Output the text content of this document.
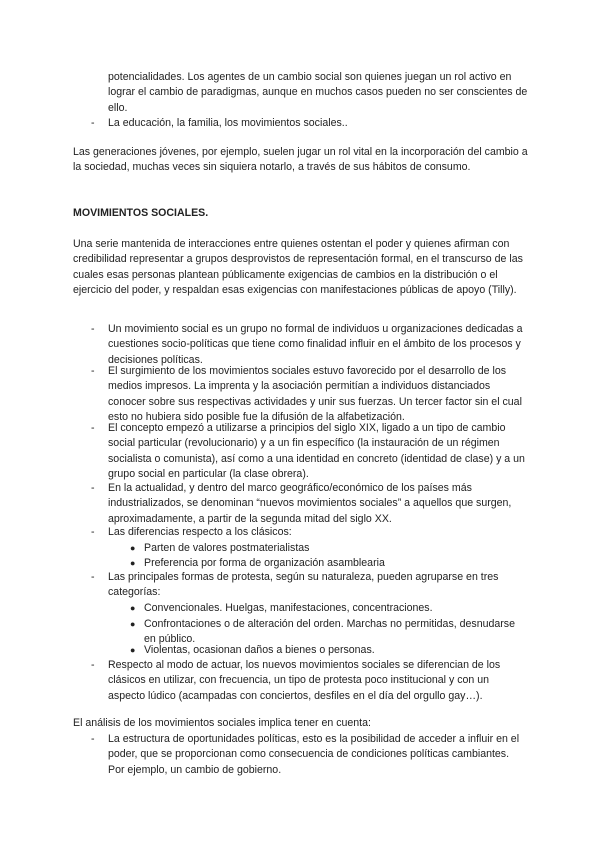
potencialidades. Los agentes de un cambio social son quienes juegan un rol activo en lograr el cambio de paradigmas, aunque en muchos casos pueden no ser conscientes de ello.

-	La educación, la familia, los movimientos sociales..

Las generaciones jóvenes, por ejemplo, suelen jugar un rol vital en la incorporación del cambio a la sociedad, muchas veces sin siquiera notarlo, a través de sus hábitos de consumo.

MOVIMIENTOS SOCIALES.

Una serie mantenida de interacciones entre quienes ostentan el poder y quienes afirman con credibilidad representar a grupos desprovistos de representación formal, en el transcurso de las cuales esas personas plantean públicamente exigencias de cambios en la distribución o el ejercicio del poder, y respaldan esas exigencias con manifestaciones públicas de apoyo (Tilly).

-	Un movimiento social es un grupo no formal de individuos u organizaciones dedicadas a cuestiones socio-políticas que tiene como finalidad influir en el ámbito de los procesos y decisiones políticas.

-	El surgimiento de los movimientos sociales estuvo favorecido por el desarrollo de los medios impresos. La imprenta y la asociación permitían a individuos distanciados conocer sobre sus respectivas actividades y unir sus fuerzas. Un tercer factor sin el cual esto no hubiera sido posible fue la difusión de la alfabetización.

-	El concepto empezó a utilizarse a principios del siglo XIX, ligado a un tipo de cambio social particular (revolucionario) y a un fin específico (la instauración de un régimen socialista o comunista), así como a una identidad en concreto (identidad de clase) y a un grupo social en particular (la clase obrera).

-	En la actualidad, y dentro del marco geográfico/económico de los países más industrializados, se denominan “nuevos movimientos sociales” a aquellos que surgen, aproximadamente, a partir de la segunda mitad del siglo XX.

-	Las diferencias respecto a los clásicos:

● Parten de valores postmaterialistas

● Preferencia por forma de organización asamblearia

-	Las principales formas de protesta, según su naturaleza, pueden agruparse en tres categorías:

● Convencionales. Huelgas, manifestaciones, concentraciones.

● Confrontaciones o de alteración del orden. Marchas no permitidas, desnudarse en público.

● Violentas, ocasionan daños a bienes o personas.

-	Respecto al modo de actuar, los nuevos movimientos sociales se diferencian de los clásicos en utilizar, con frecuencia, un tipo de protesta poco institucional y con un aspecto lúdico (acampadas con conciertos, desfiles en el día del orgullo gay…).

El análisis de los movimientos sociales implica tener en cuenta:

-	La estructura de oportunidades políticas, esto es la posibilidad de acceder a influir en el poder, que se proporcionan como consecuencia de condiciones políticas cambiantes. Por ejemplo, un cambio de gobierno.
